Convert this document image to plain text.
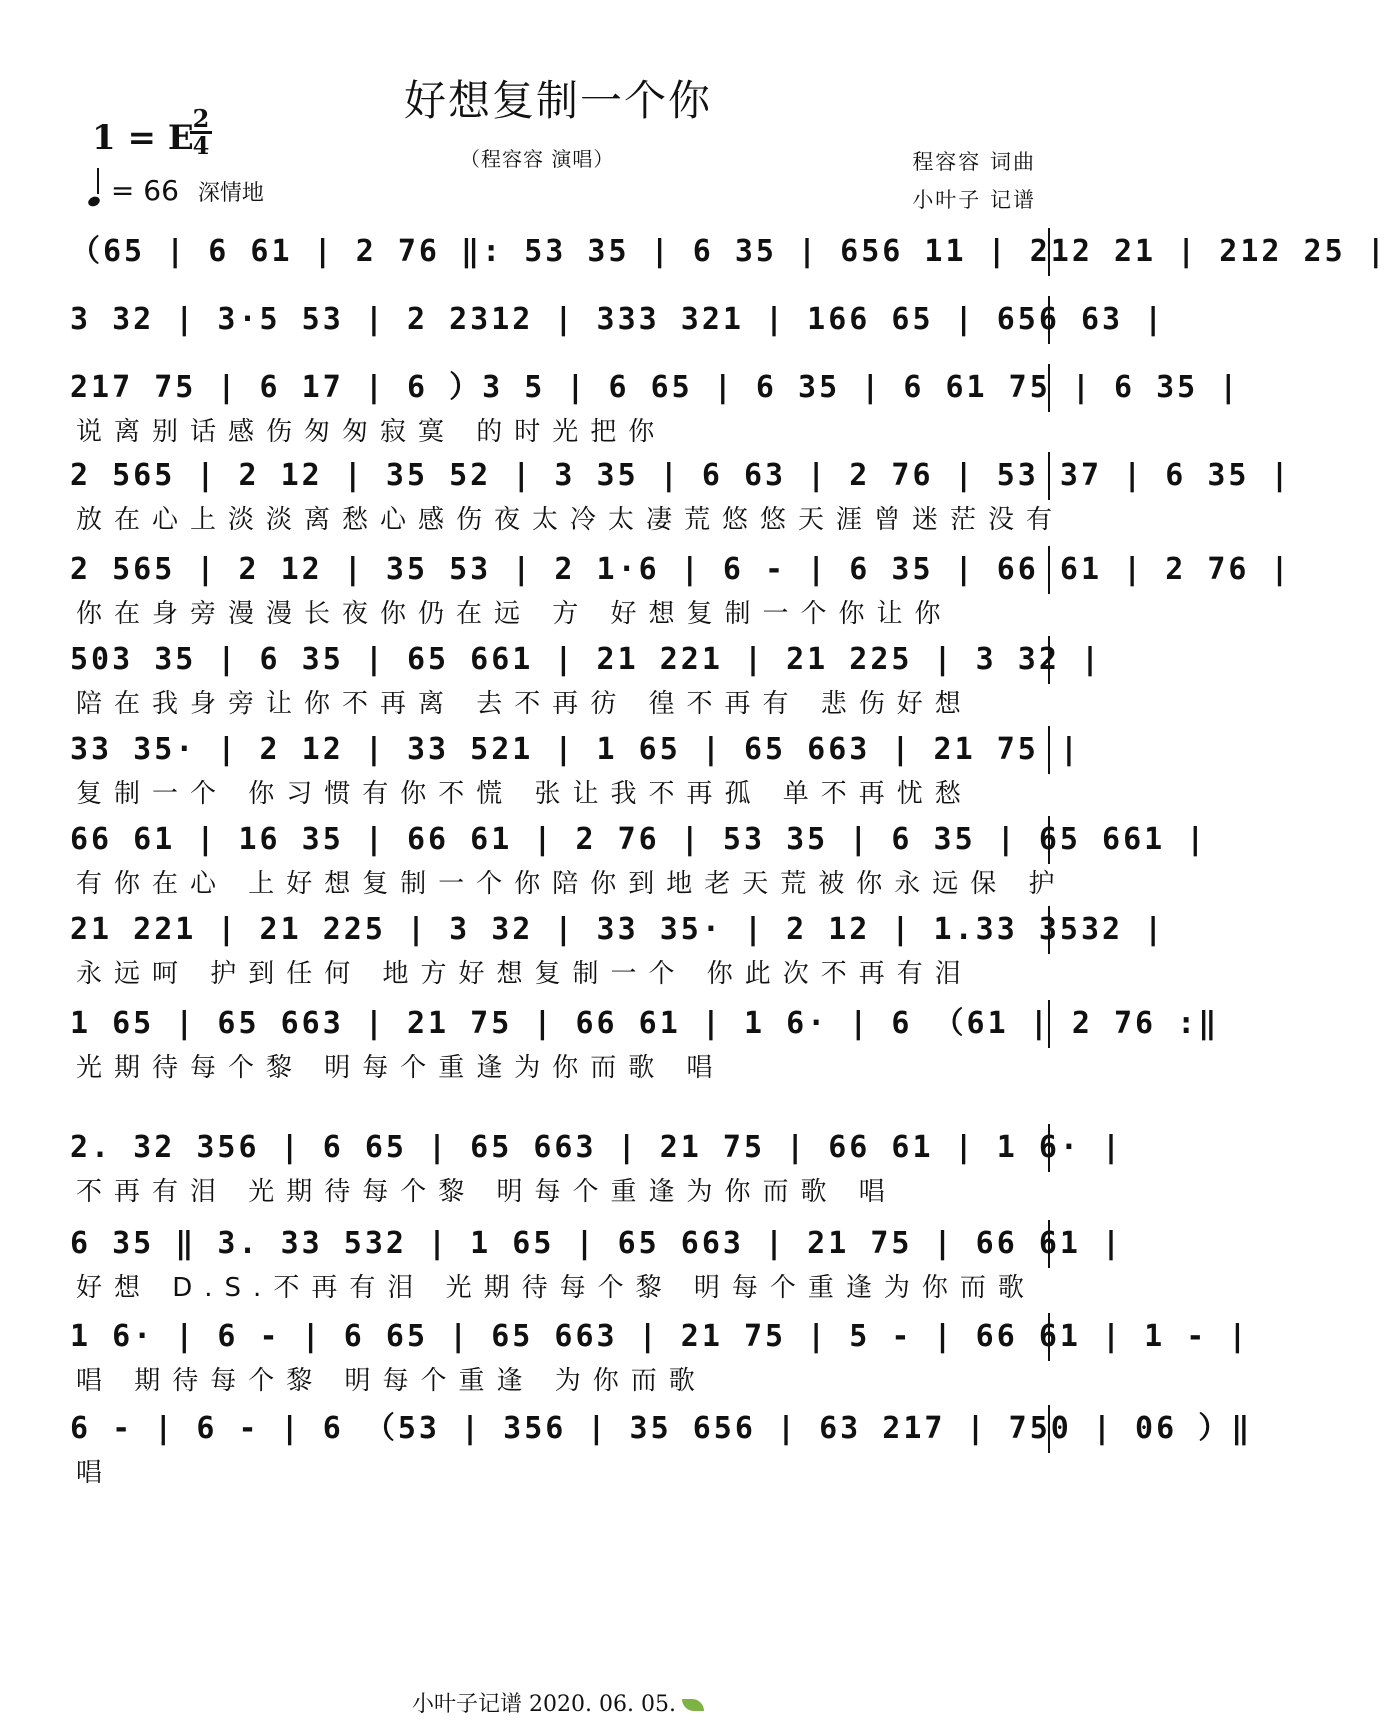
好想复制一个你
（程容容 演唱）
1 = E
2
4
= 66 深情地
程容容 词曲
小叶子 记谱
（65 | 6 61 | 2 76 ‖: 53 35 | 6 35 | 656 11 | 212 21 | 212 25 |
3 32 | 3·5 53 | 2 2312 | 333 321 | 166 65 | 656 63 |
217 75 | 6 17 | 6 ）3 5 | 6 65 | 6 35 | 6 61 75 | 6 35 |
说离别话感伤匆匆寂寞 的时光把你
2 565 | 2 12 | 35 52 | 3 35 | 6 63 | 2 76 | 53 37 | 6 35 |
放在心上淡淡离愁心感伤夜太冷太凄荒悠悠天涯曾迷茫没有
2 565 | 2 12 | 35 53 | 2 1·6 | 6 - | 6 35 | 66 61 | 2 76 |
你在身旁漫漫长夜你仍在远 方 好想复制一个你让你
503 35 | 6 35 | 65 661 | 21 221 | 21 225 | 3 32 |
陪在我身旁让你不再离 去不再彷 徨不再有 悲伤好想
33 35· | 2 12 | 33 521 | 1 65 | 65 663 | 21 75 |
复制一个 你习惯有你不慌 张让我不再孤 单不再忧愁
66 61 | 16 35 | 66 61 | 2 76 | 53 35 | 6 35 | 65 661 |
有你在心 上好想复制一个你陪你到地老天荒被你永远保 护
21 221 | 21 225 | 3 32 | 33 35· | 2 12 | 1.33 3532 |
永远呵 护到任何 地方好想复制一个 你此次不再有泪
1 65 | 65 663 | 21 75 | 66 61 | 1 6· | 6 （61 | 2 76 :‖
光期待每个黎 明每个重逢为你而歌 唱
2. 32 356 | 6 65 | 65 663 | 21 75 | 66 61 | 1 6· |
不再有泪 光期待每个黎 明每个重逢为你而歌 唱
6 35 ‖ 3. 33 532 | 1 65 | 65 663 | 21 75 | 66 61 |
好想 D.S.不再有泪 光期待每个黎 明每个重逢为你而歌
1 6· | 6 - | 6 65 | 65 663 | 21 75 | 5 - | 66 61 | 1 - |
唱 期待每个黎 明每个重逢 为你而歌
6 - | 6 - | 6 （53 | 356 | 35 656 | 63 217 | 750 | 06 ）‖
唱
小叶子记谱 2020. 06. 05.
